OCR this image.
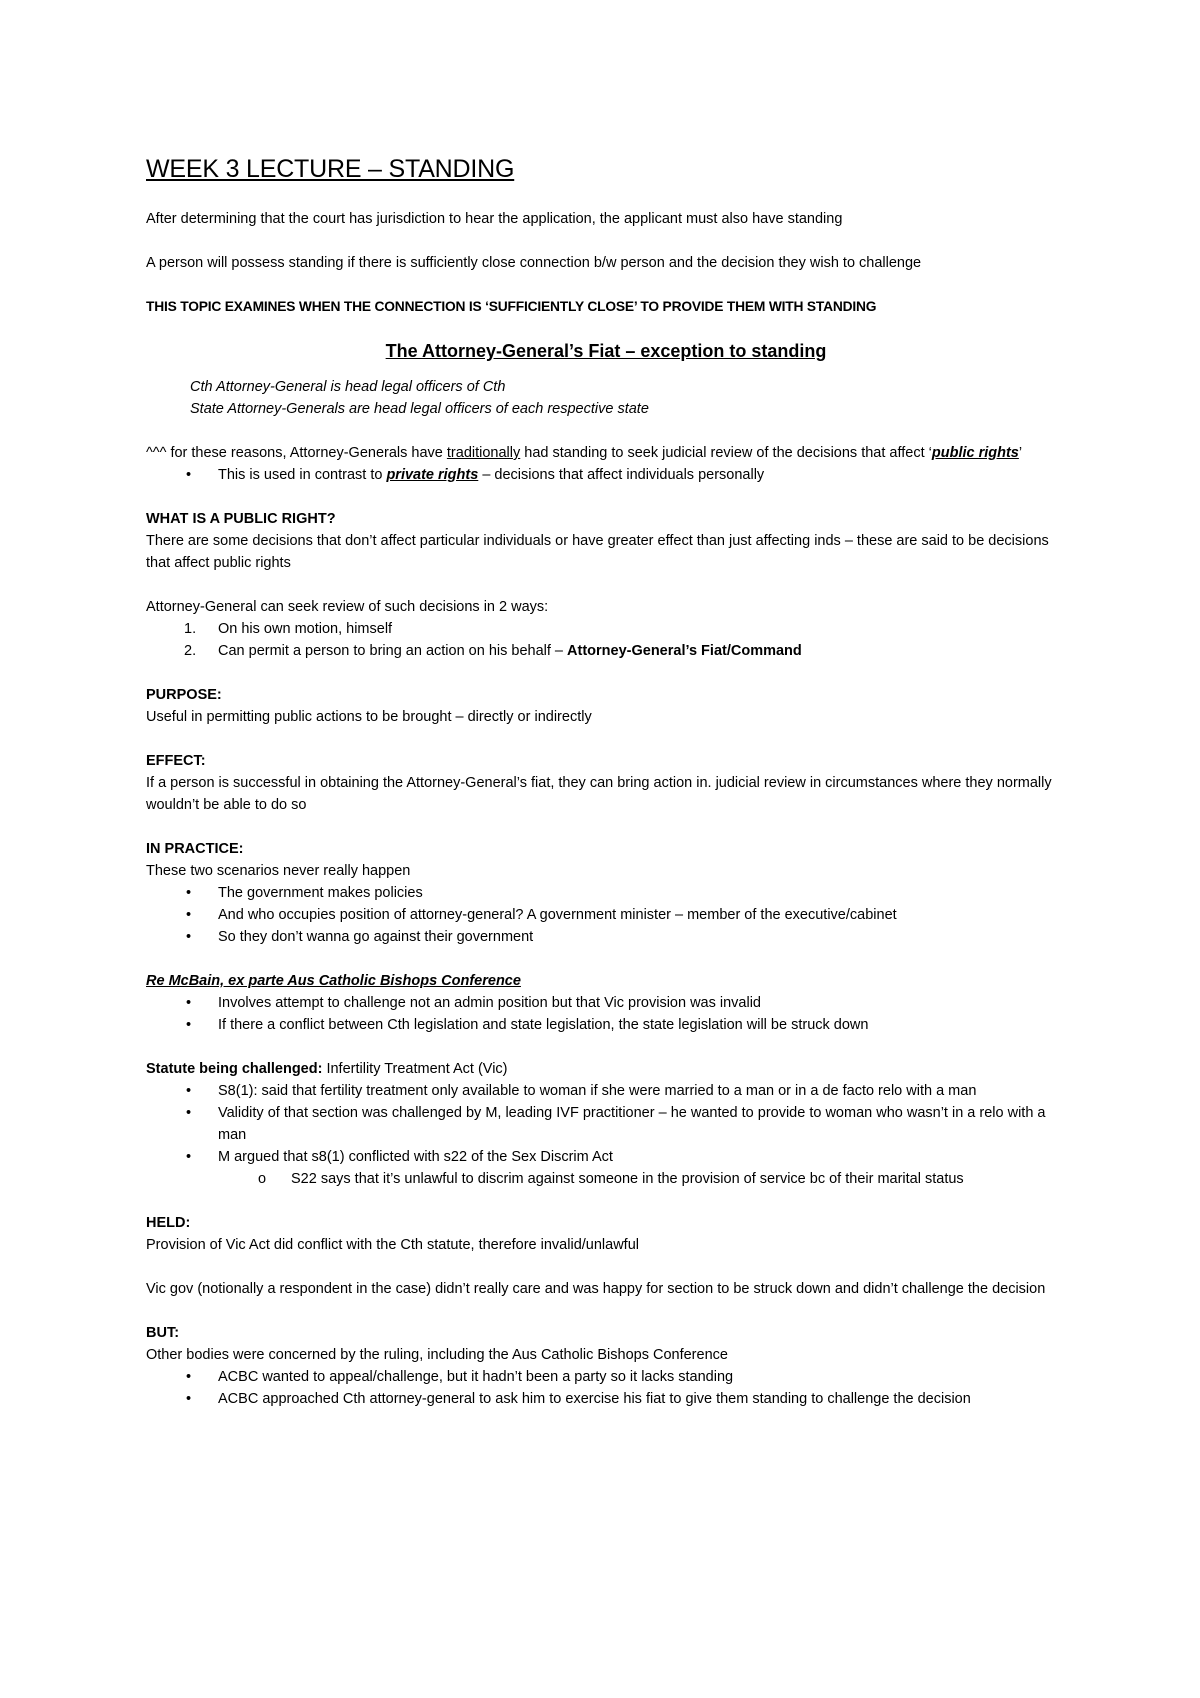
WEEK 3 LECTURE – STANDING

After determining that the court has jurisdiction to hear the application, the applicant must also have standing

A person will possess standing if there is sufficiently close connection b/w person and the decision they wish to challenge

THIS TOPIC EXAMINES WHEN THE CONNECTION IS ‘SUFFICIENTLY CLOSE’ TO PROVIDE THEM WITH STANDING

The Attorney-General’s Fiat – exception to standing

Cth Attorney-General is head legal officers of Cth

State Attorney-Generals are head legal officers of each respective state

^^^ for these reasons, Attorney-Generals have traditionally had standing to seek judicial review of the decisions that affect ‘public rights’

• This is used in contrast to private rights – decisions that affect individuals personally

WHAT IS A PUBLIC RIGHT?

There are some decisions that don’t affect particular individuals or have greater effect than just affecting inds – these are said to be decisions that affect public rights

Attorney-General can seek review of such decisions in 2 ways:

1. On his own motion, himself
2. Can permit a person to bring an action on his behalf – Attorney-General’s Fiat/Command

PURPOSE:

Useful in permitting public actions to be brought – directly or indirectly

EFFECT:

If a person is successful in obtaining the Attorney-General’s fiat, they can bring action in. judicial review in circumstances where they normally wouldn’t be able to do so

IN PRACTICE:

These two scenarios never really happen

• The government makes policies
• And who occupies position of attorney-general? A government minister – member of the executive/cabinet
• So they don’t wanna go against their government

Re McBain, ex parte Aus Catholic Bishops Conference

• Involves attempt to challenge not an admin position but that Vic provision was invalid
• If there a conflict between Cth legislation and state legislation, the state legislation will be struck down

Statute being challenged: Infertility Treatment Act (Vic)

• S8(1): said that fertility treatment only available to woman if she were married to a man or in a de facto relo with a man
• Validity of that section was challenged by M, leading IVF practitioner – he wanted to provide to woman who wasn’t in a relo with a man
• M argued that s8(1) conflicted with s22 of the Sex Discrim Act
o S22 says that it’s unlawful to discrim against someone in the provision of service bc of their marital status

HELD:

Provision of Vic Act did conflict with the Cth statute, therefore invalid/unlawful

Vic gov (notionally a respondent in the case) didn’t really care and was happy for section to be struck down and didn’t challenge the decision

BUT:

Other bodies were concerned by the ruling, including the Aus Catholic Bishops Conference

• ACBC wanted to appeal/challenge, but it hadn’t been a party so it lacks standing
• ACBC approached Cth attorney-general to ask him to exercise his fiat to give them standing to challenge the decision
